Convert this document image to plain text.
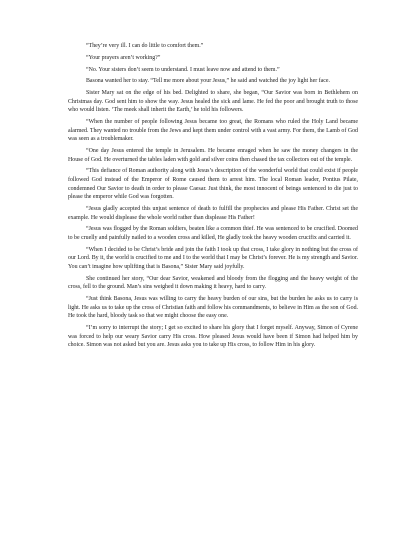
“They’re very ill. I can do little to comfort them.”

“Your prayers aren’t working?”

“No. Your sisters don’t seem to understand. I must leave now and attend to them.”

Basona wanted her to stay. “Tell me more about your Jesus,” he said and watched the joy light her face.

Sister Mary sat on the edge of his bed. Delighted to share, she began, “Our Savior was born in Bethlehem on Christmas day. God sent him to show the way. Jesus healed the sick and lame. He fed the poor and brought truth to those who would listen. ‘The meek shall inherit the Earth,’ he told his followers.

“When the number of people following Jesus became too great, the Romans who ruled the Holy Land became alarmed. They wanted no trouble from the Jews and kept them under control with a vast army. For them, the Lamb of God was seen as a troublemaker.

“One day Jesus entered the temple in Jerusalem. He became enraged when he saw the money changers in the House of God. He overturned the tables laden with gold and silver coins then chased the tax collectors out of the temple.

“This defiance of Roman authority along with Jesus’s description of the wonderful world that could exist if people followed God instead of the Emperor of Rome caused them to arrest him. The local Roman leader, Pontius Pilate, condemned Our Savior to death in order to please Caesar. Just think, the most innocent of beings sentenced to die just to please the emperor while God was forgotten.

“Jesus gladly accepted this unjust sentence of death to fulfill the prophecies and please His Father. Christ set the example. He would displease the whole world rather than displease His Father!

“Jesus was flogged by the Roman soldiers, beaten like a common thief. He was sentenced to be crucified. Doomed to be cruelly and painfully nailed to a wooden cross and killed, He gladly took the heavy wooden crucifix and carried it.

“When I decided to be Christ’s bride and join the faith I took up that cross, I take glory in nothing but the cross of our Lord. By it, the world is crucified to me and I to the world that I may be Christ’s forever. He is my strength and Savior. You can’t imagine how uplifting that is Basona,” Sister Mary said joyfully.

She continued her story, “Our dear Savior, weakened and bloody from the flogging and the heavy weight of the cross, fell to the ground. Man’s sins weighed it down making it heavy, hard to carry.

“Just think Basona, Jesus was willing to carry the heavy burden of our sins, but the burden he asks us to carry is light. He asks us to take up the cross of Christian faith and follow his commandments, to believe in Him as the son of God. He took the hard, bloody task so that we might choose the easy one.

“I’m sorry to interrupt the story; I get so excited to share his glory that I forget myself. Anyway, Simon of Cyrene was forced to help our weary Savior carry His cross. How pleased Jesus would have been if Simon had helped him by choice. Simon was not asked but you are. Jesus asks you to take up His cross, to follow Him in his glory.
